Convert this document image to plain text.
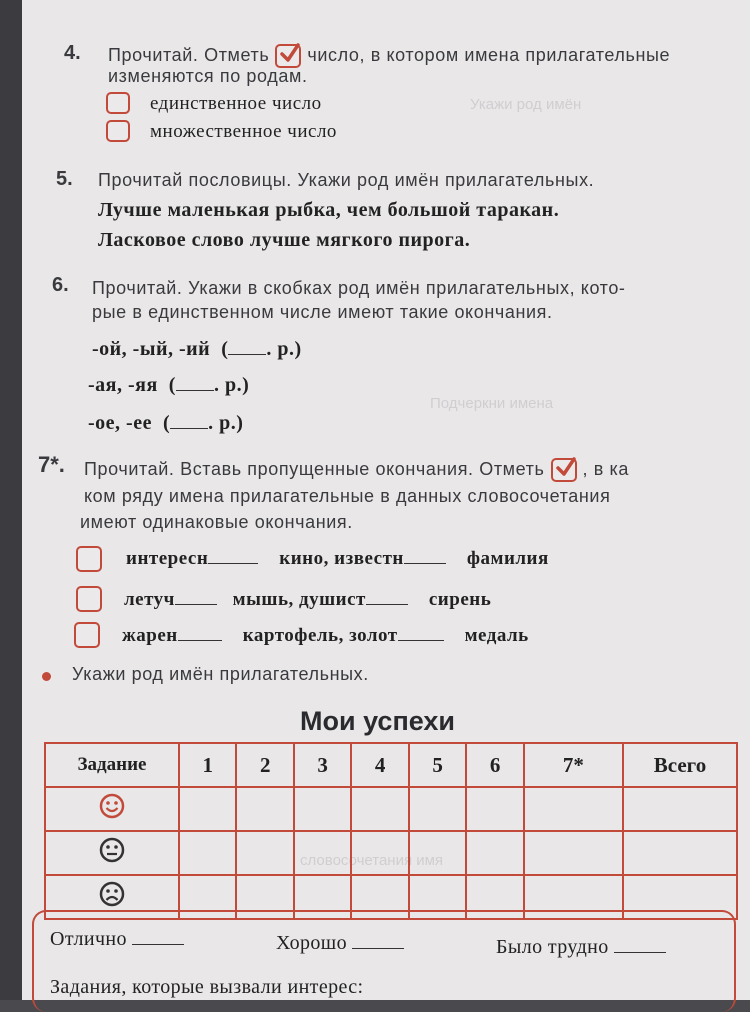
Укажи род имён
Подчеркни имена
словосочетания имя
4. Прочитай. Отметь число, в котором имена прилагательные
изменяются по родам.
единственное число
множественное число
5. Прочитай пословицы. Укажи род имён прилагательных.
Лучше маленькая рыбка, чем большой таракан.
Ласковое слово лучше мягкого пирога.
6. Прочитай. Укажи в скобках род имён прилагательных, кото-
рые в единственном числе имеют такие окончания.
-ой, -ый, -ий ( . р.)
-ая, -яя ( . р.)
-ое, -ее ( . р.)
7*. Прочитай. Вставь пропущенные окончания. Отметь , в ка
ком ряду имена прилагательные в данных словосочетания
имеют одинаковые окончания.
интересн	кино, известн	фамилия
летуч	мышь, душист	сирень
жарен	картофель, золот	медаль
Укажи род имён прилагательных.
Мои успехи
Задание	1	2	3	4	5	6	7*	Всего

Отлично	Хорошо	Было трудно
Задания, которые вызвали интерес:
